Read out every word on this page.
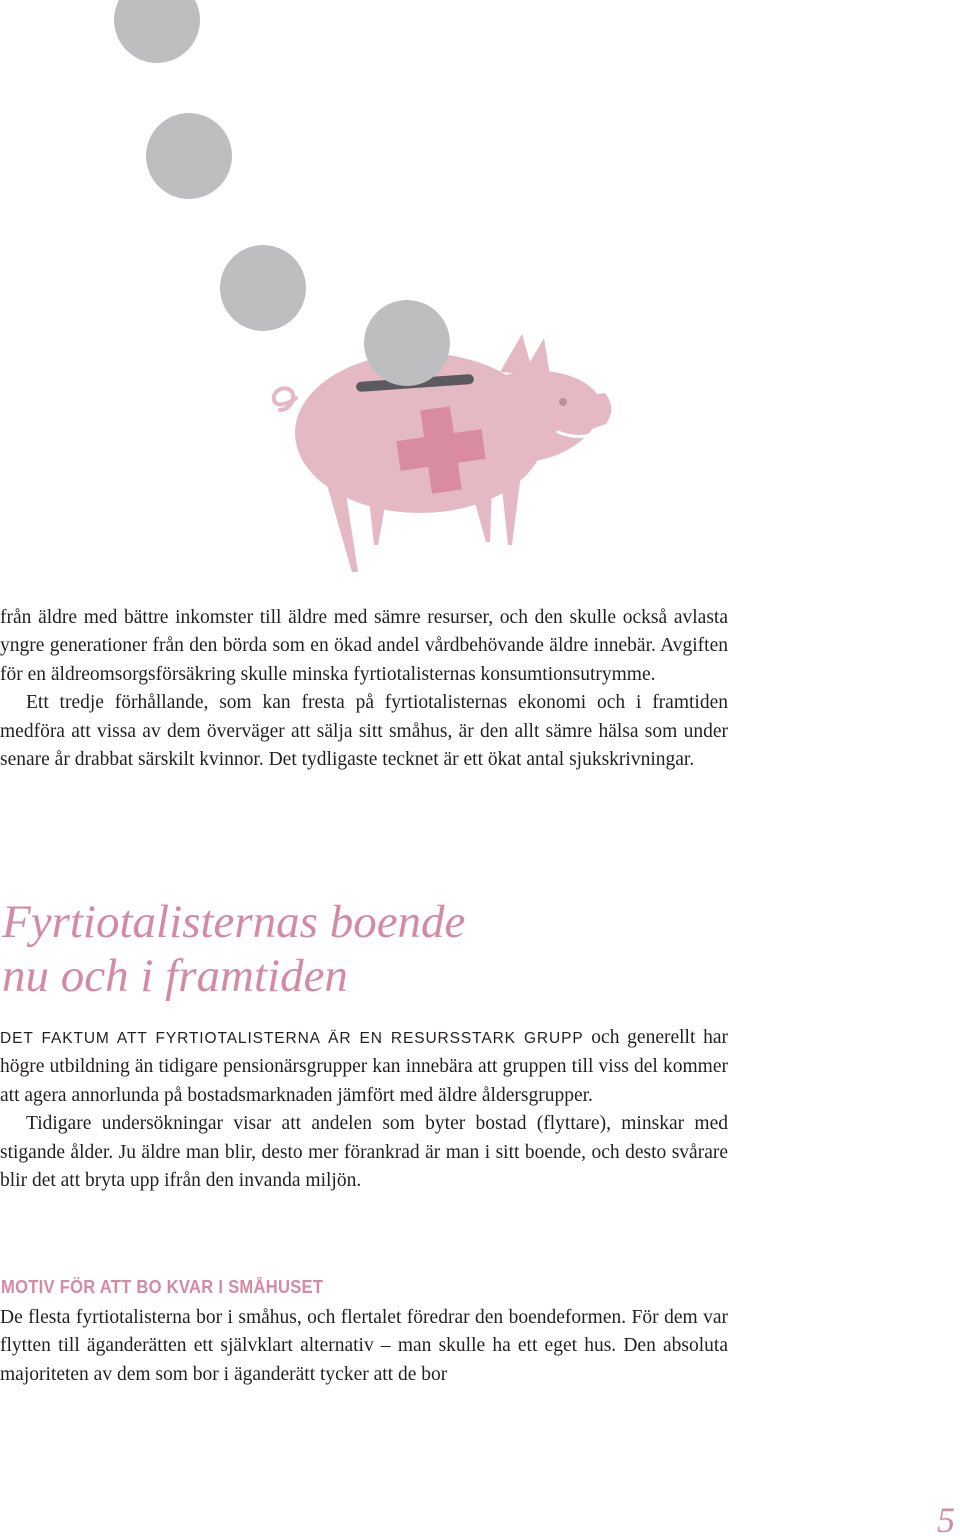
från äldre med bättre inkomster till äldre med sämre resurser, och den skulle också avlasta yngre generationer från den börda som en ökad andel vårdbehövande äldre innebär. Avgiften för en äldreomsorgsförsäkring skulle minska fyrtiotalisternas konsumtionsutrymme.

Ett tredje förhållande, som kan fresta på fyrtiotalisternas ekonomi och i framtiden medföra att vissa av dem överväger att sälja sitt småhus, är den allt sämre hälsa som under senare år drabbat särskilt kvinnor. Det tydligaste tecknet är ett ökat antal sjukskrivningar.

Fyrtiotalisternas boende
nu och i framtiden

DET FAKTUM ATT FYRTIOTALISTERNA ÄR EN RESURSSTARK GRUPP och generellt har högre utbildning än tidigare pensionärsgrupper kan innebära att gruppen till viss del kommer att agera annorlunda på bostadsmarknaden jämfört med äldre åldersgrupper.

Tidigare undersökningar visar att andelen som byter bostad (flyttare), minskar med stigande ålder. Ju äldre man blir, desto mer förankrad är man i sitt boende, och desto svårare blir det att bryta upp ifrån den invanda miljön.

MOTIV FÖR ATT BO KVAR I SMÅHUSET

De flesta fyrtiotalisterna bor i småhus, och flertalet föredrar den boendeformen. För dem var flytten till äganderätten ett självklart alternativ – man skulle ha ett eget hus. Den absoluta majoriteten av dem som bor i äganderätt tycker att de bor

5
